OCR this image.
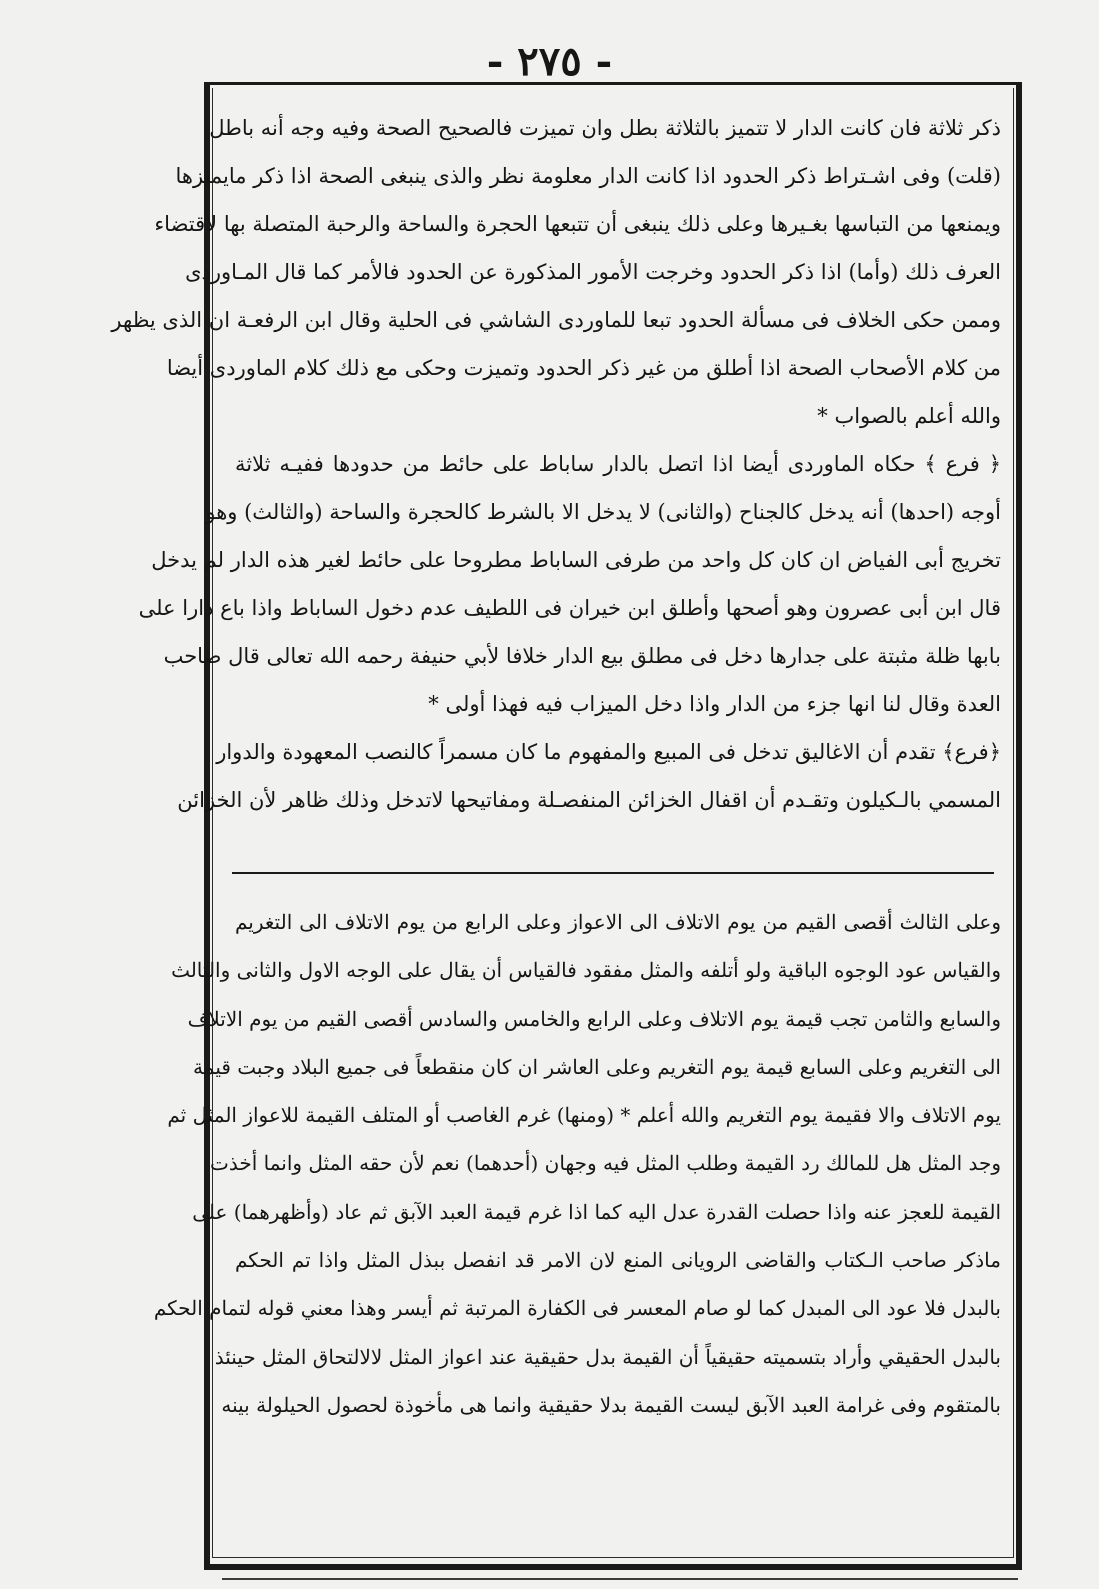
- ٢٧٥ -

ذكر ثلاثة فان كانت الدار لا تتميز بالثلاثة بطل وان تميزت فالصحيح الصحة وفيه وجه أنه باطل

(قلت) وفى اشـتراط ذكر الحدود اذا كانت الدار معلومة نظر والذى ينبغى الصحة اذا ذكر مايميزها

ويمنعها من التباسها بغـيرها وعلى ذلك ينبغى أن تتبعها الحجرة والساحة والرحبة المتصلة بها لاقتضاء

العرف ذلك (وأما) اذا ذكر الحدود وخرجت الأمور المذكورة عن الحدود فالأمر كما قال المـاوردى

وممن حكى الخلاف فى مسألة الحدود تبعا للماوردى الشاشي فى الحلية وقال ابن الرفعـة ان الذى يظهر

من كلام الأصحاب الصحة اذا أطلق من غير ذكر الحدود وتميزت وحكى مع ذلك كلام الماوردى أيضا

والله أعلم بالصواب *

﴿ فرع ﴾ حكاه الماوردى أيضا اذا اتصل بالدار ساباط على حائط من حدودها ففيـه ثلاثة

أوجه (احدها) أنه يدخل كالجناح (والثانى) لا يدخل الا بالشرط كالحجرة والساحة (والثالث) وهو

تخريج أبى الفياض ان كان كل واحد من طرفى الساباط مطروحا على حائط لغير هذه الدار لم يدخل

قال ابن أبى عصرون وهو أصحها وأطلق ابن خيران فى اللطيف عدم دخول الساباط واذا باع دارا على

بابها ظلة مثبتة على جدارها دخل فى مطلق بيع الدار خلافا لأبي حنيفة رحمه الله تعالى قال صاحب

العدة وقال لنا انها جزء من الدار واذا دخل الميزاب فيه فهذا أولى *

﴿فرع﴾ تقدم أن الاغاليق تدخل فى المبيع والمفهوم ما كان مسمراً كالنصب المعهودة والدوار

المسمي بالـكيلون وتقـدم أن اقفال الخزائن المنفصـلة ومفاتيحها لاتدخل وذلك ظاهر لأن الخزائن

وعلى الثالث أقصى القيم من يوم الاتلاف الى الاعواز وعلى الرابع من يوم الاتلاف الى التغريم

والقياس عود الوجوه الباقية ولو أتلفه والمثل مفقود فالقياس أن يقال على الوجه الاول والثانى والثالث

والسابع والثامن تجب قيمة يوم الاتلاف وعلى الرابع والخامس والسادس أقصى القيم من يوم الاتلاف

الى التغريم وعلى السابع قيمة يوم التغريم وعلى العاشر ان كان منقطعاً فى جميع البلاد وجبت قيمة

يوم الاتلاف والا فقيمة يوم التغريم والله أعلم * (ومنها) غرم الغاصب أو المتلف القيمة للاعواز المثل ثم

وجد المثل هل للمالك رد القيمة وطلب المثل فيه وجهان (أحدهما) نعم لأن حقه المثل وانما أخذت

القيمة للعجز عنه واذا حصلت القدرة عدل اليه كما اذا غرم قيمة العبد الآبق ثم عاد (وأظهرهما) على

ماذكر صاحب الـكتاب والقاضى الرويانى المنع لان الامر قد انفصل ببذل المثل واذا تم الحكم

بالبدل فلا عود الى المبدل كما لو صام المعسر فى الكفارة المرتبة ثم أيسر وهذا معني قوله لتمام الحكم

بالبدل الحقيقي وأراد بتسميته حقيقياً أن القيمة بدل حقيقية عند اعواز المثل لالالتحاق المثل حينئذ

بالمتقوم وفى غرامة العبد الآبق ليست القيمة بدلا حقيقية وانما هى مأخوذة لحصول الحيلولة بينه
